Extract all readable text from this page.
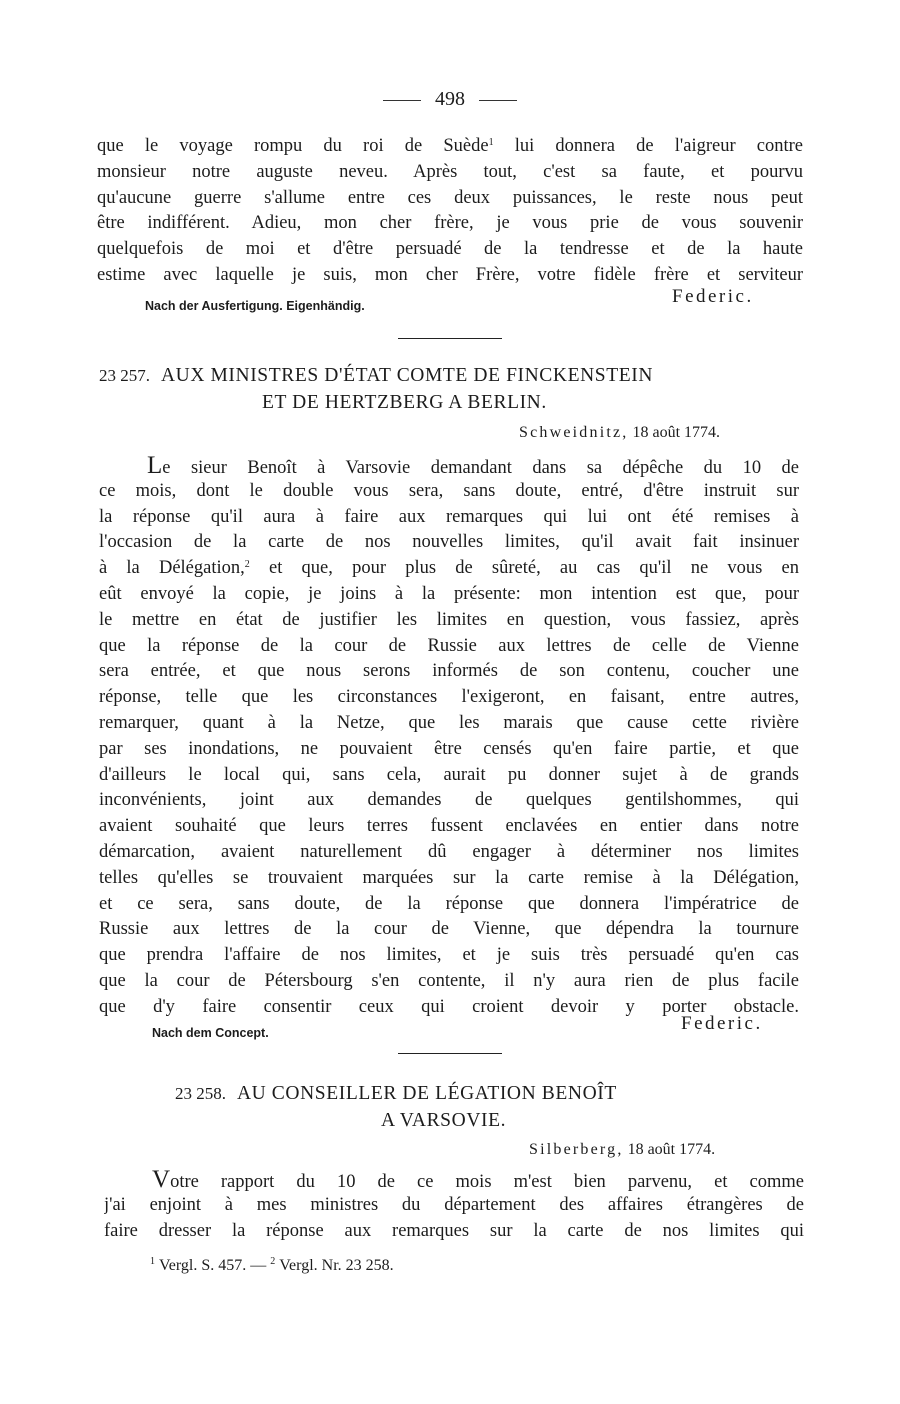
498
que le voyage rompu du roi de Suède$^1$ lui donnera de l'aigreur contre
monsieur notre auguste neveu. Après tout, c'est sa faute, et pourvu
qu'aucune guerre s'allume entre ces deux puissances, le reste nous peut
être indifférent. Adieu, mon cher frère, je vous prie de vous souvenir
quelquefois de moi et d'être persuadé de la tendresse et de la haute
estime avec laquelle je suis, mon cher Frère, votre fidèle frère et serviteur
Nach der Ausfertigung. Eigenhändig.	Federic.
23 257. AUX MINISTRES D'ÉTAT COMTE DE FINCKENSTEIN
ET DE HERTZBERG A BERLIN.
Schweidnitz, 18 août 1774.
Le sieur Benoît à Varsovie demandant dans sa dépêche du 10 de
ce mois, dont le double vous sera, sans doute, entré, d'être instruit sur
la réponse qu'il aura à faire aux remarques qui lui ont été remises à
l'occasion de la carte de nos nouvelles limites, qu'il avait fait insinuer
à la Délégation,$^2$ et que, pour plus de sûreté, au cas qu'il ne vous en
eût envoyé la copie, je joins à la présente: mon intention est que, pour
le mettre en état de justifier les limites en question, vous fassiez, après
que la réponse de la cour de Russie aux lettres de celle de Vienne
sera entrée, et que nous serons informés de son contenu, coucher une
réponse, telle que les circonstances l'exigeront, en faisant, entre autres,
remarquer, quant à la Netze, que les marais que cause cette rivière
par ses inondations, ne pouvaient être censés qu'en faire partie, et que
d'ailleurs le local qui, sans cela, aurait pu donner sujet à de grands
inconvénients, joint aux demandes de quelques gentilshommes, qui
avaient souhaité que leurs terres fussent enclavées en entier dans notre
démarcation, avaient naturellement dû engager à déterminer nos limites
telles qu'elles se trouvaient marquées sur la carte remise à la Délégation,
et ce sera, sans doute, de la réponse que donnera l'impératrice de
Russie aux lettres de la cour de Vienne, que dépendra la tournure
que prendra l'affaire de nos limites, et je suis très persuadé qu'en cas
que la cour de Pétersbourg s'en contente, il n'y aura rien de plus facile
que d'y faire consentir ceux qui croient devoir y porter obstacle.
Nach dem Concept.	Federic.
23 258. AU CONSEILLER DE LÉGATION BENOÎT
A VARSOVIE.
Silberberg, 18 août 1774.
Votre rapport du 10 de ce mois m'est bien parvenu, et comme
j'ai enjoint à mes ministres du département des affaires étrangères de
faire dresser la réponse aux remarques sur la carte de nos limites qui
$^1$ Vergl. S. 457. — $^2$ Vergl. Nr. 23 258.
